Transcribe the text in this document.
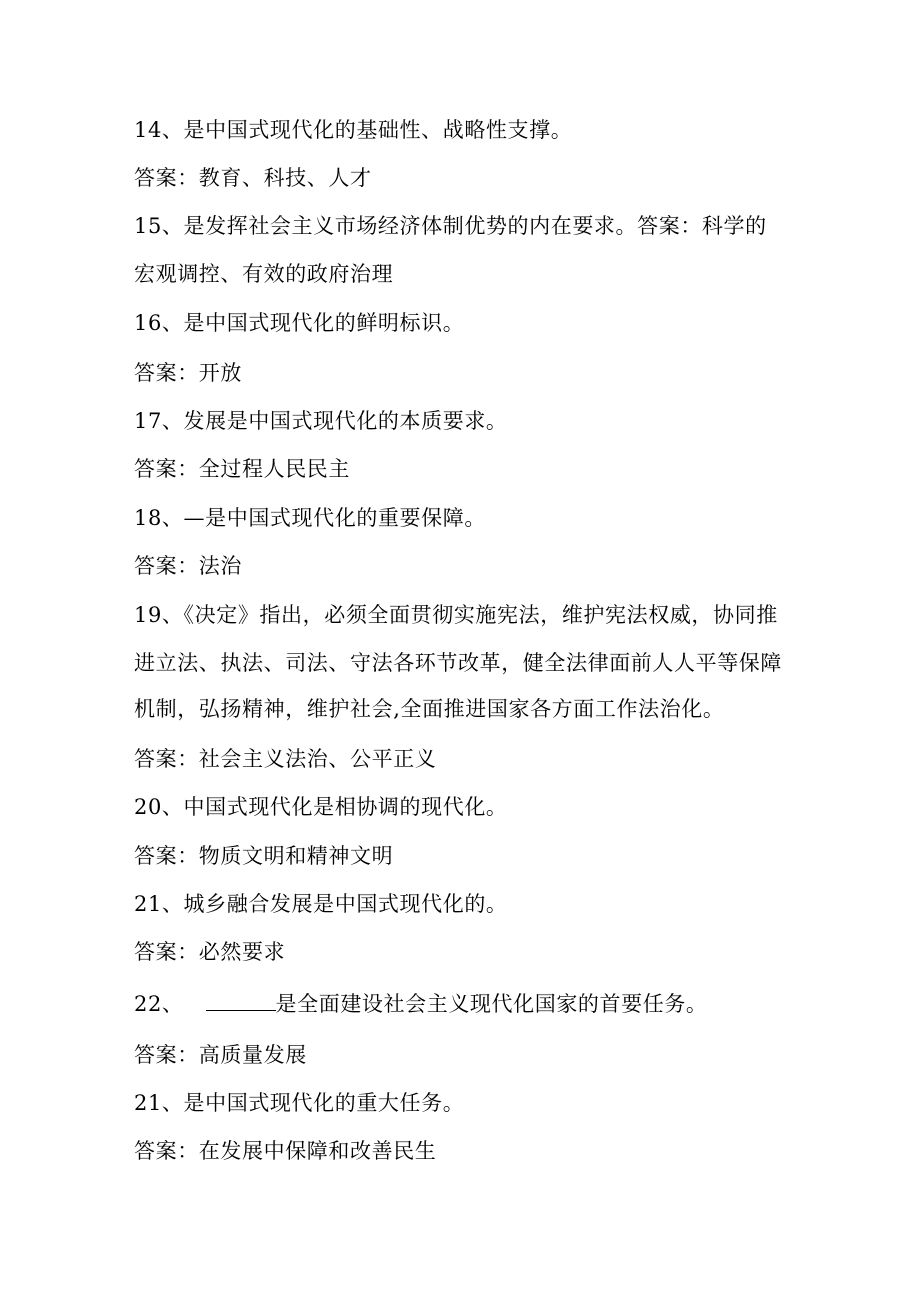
14、是中国式现代化的基础性、战略性支撑。
答案：教育、科技、人才
15、是发挥社会主义市场经济体制优势的内在要求。答案：科学的
宏观调控、有效的政府治理
16、是中国式现代化的鲜明标识。
答案：开放
17、发展是中国式现代化的本质要求。
答案：全过程人民民主
18、—是中国式现代化的重要保障。
答案：法治
19、《决定》指出，必须全面贯彻实施宪法，维护宪法权威，协同推
进立法、执法、司法、守法各环节改革，健全法律面前人人平等保障
机制，弘扬精神，维护社会,全面推进国家各方面工作法治化。
答案：社会主义法治、公平正义
20、中国式现代化是相协调的现代化。
答案：物质文明和精神文明
21、城乡融合发展是中国式现代化的。
答案：必然要求
22、	是全面建设社会主义现代化国家的首要任务。
答案：高质量发展
21、是中国式现代化的重大任务。
答案：在发展中保障和改善民生
